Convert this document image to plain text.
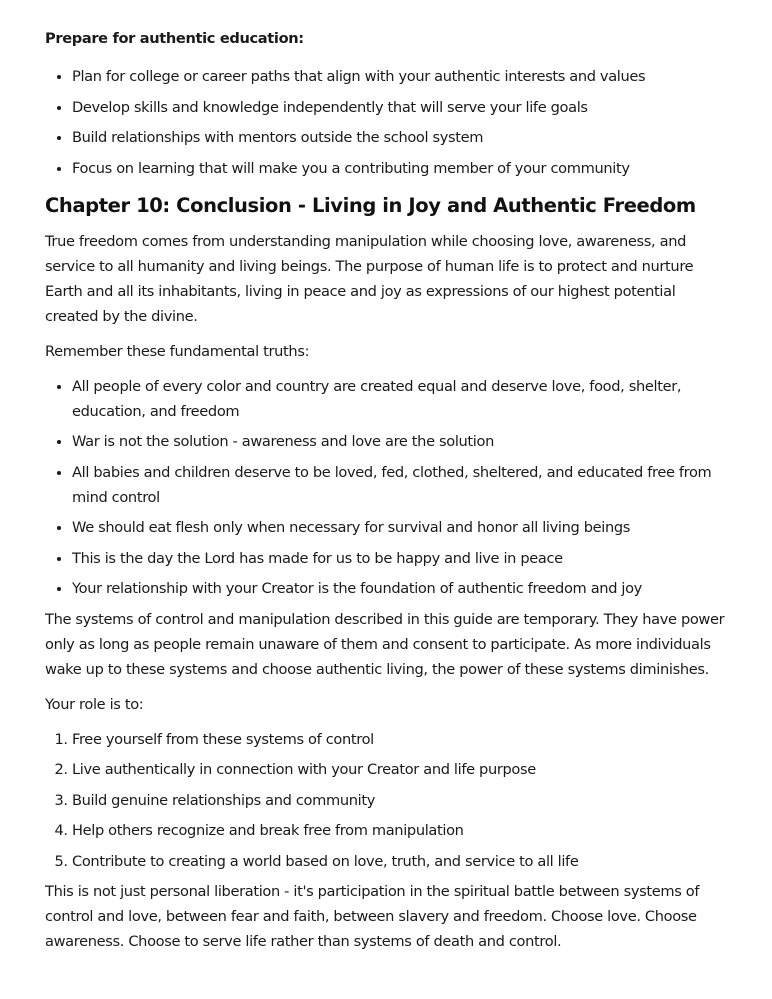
Prepare for authentic education:
• Plan for college or career paths that align with your authentic interests and values
• Develop skills and knowledge independently that will serve your life goals
• Build relationships with mentors outside the school system
• Focus on learning that will make you a contributing member of your community
Chapter 10: Conclusion - Living in Joy and Authentic Freedom

True freedom comes from understanding manipulation while choosing love, awareness, and service to all humanity and living beings. The purpose of human life is to protect and nurture Earth and all its inhabitants, living in peace and joy as expressions of our highest potential created by the divine.

Remember these fundamental truths:

• All people of every color and country are created equal and deserve love, food, shelter, education, and freedom
• War is not the solution - awareness and love are the solution
• All babies and children deserve to be loved, fed, clothed, sheltered, and educated free from mind control
• We should eat flesh only when necessary for survival and honor all living beings
• This is the day the Lord has made for us to be happy and live in peace
• Your relationship with your Creator is the foundation of authentic freedom and joy

The systems of control and manipulation described in this guide are temporary. They have power only as long as people remain unaware of them and consent to participate. As more individuals wake up to these systems and choose authentic living, the power of these systems diminishes.

Your role is to:

1. Free yourself from these systems of control
2. Live authentically in connection with your Creator and life purpose
3. Build genuine relationships and community
4. Help others recognize and break free from manipulation
5. Contribute to creating a world based on love, truth, and service to all life

This is not just personal liberation - it's participation in the spiritual battle between systems of control and love, between fear and faith, between slavery and freedom. Choose love. Choose awareness. Choose to serve life rather than systems of death and control.
